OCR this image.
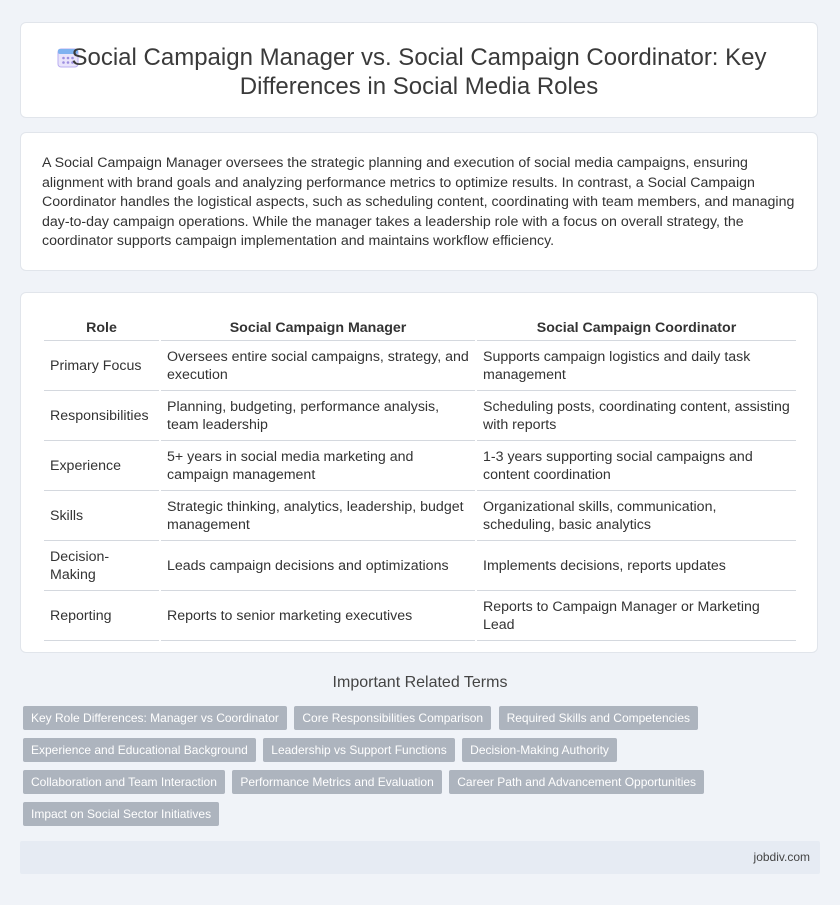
Social Campaign Manager vs. Social Campaign Coordinator: Key Differences in Social Media Roles
A Social Campaign Manager oversees the strategic planning and execution of social media campaigns, ensuring alignment with brand goals and analyzing performance metrics to optimize results. In contrast, a Social Campaign Coordinator handles the logistical aspects, such as scheduling content, coordinating with team members, and managing day-to-day campaign operations. While the manager takes a leadership role with a focus on overall strategy, the coordinator supports campaign implementation and maintains workflow efficiency.
Role	Social Campaign Manager	Social Campaign Coordinator
Primary Focus	Oversees entire social campaigns, strategy, and execution	Supports campaign logistics and daily task management
Responsibilities	Planning, budgeting, performance analysis, team leadership	Scheduling posts, coordinating content, assisting with reports
Experience	5+ years in social media marketing and campaign management	1-3 years supporting social campaigns and content coordination
Skills	Strategic thinking, analytics, leadership, budget management	Organizational skills, communication, scheduling, basic analytics
Decision-Making	Leads campaign decisions and optimizations	Implements decisions, reports updates
Reporting	Reports to senior marketing executives	Reports to Campaign Manager or Marketing Lead
Important Related Terms
Key Role Differences: Manager vs Coordinator Core Responsibilities Comparison Required Skills and Competencies Experience and Educational Background Leadership vs Support Functions Decision-Making Authority Collaboration and Team Interaction Performance Metrics and Evaluation Career Path and Advancement Opportunities Impact on Social Sector Initiatives
jobdiv.com
